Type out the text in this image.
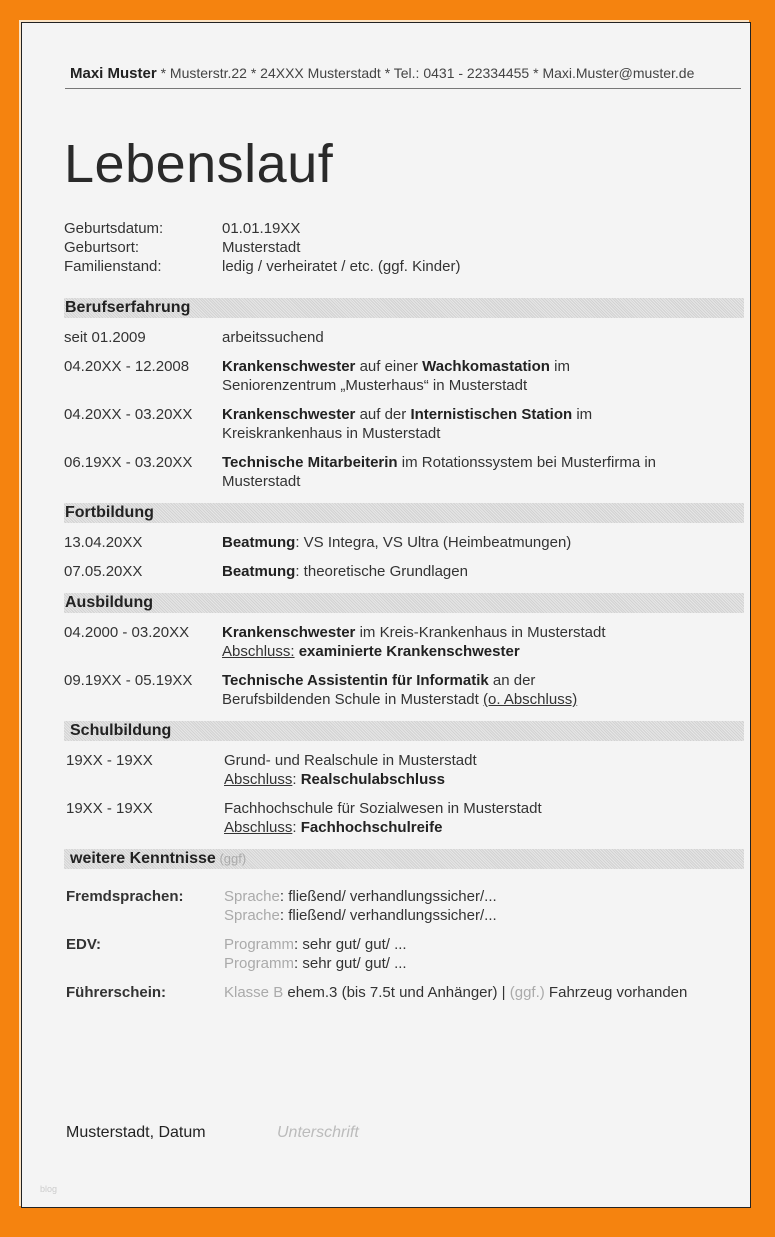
Maxi Muster * Musterstr.22 * 24XXX Musterstadt * Tel.: 0431 - 22334455 * Maxi.Muster@muster.de
Lebenslauf
Geburtsdatum:	01.01.19XX
Geburtsort:	Musterstadt
Familienstand:	ledig / verheiratet / etc. (ggf. Kinder)
Berufserfahrung
seit 01.2009	arbeitssuchend
04.20XX - 12.2008	Krankenschwester auf einer Wachkomastation im
Seniorenzentrum „Musterhaus“ in Musterstadt
04.20XX - 03.20XX	Krankenschwester auf der Internistischen Station im
Kreiskrankenhaus in Musterstadt
06.19XX - 03.20XX	Technische Mitarbeiterin im Rotationssystem bei Musterfirma in
Musterstadt
Fortbildung
13.04.20XX	Beatmung: VS Integra, VS Ultra (Heimbeatmungen)
07.05.20XX	Beatmung: theoretische Grundlagen
Ausbildung
04.2000 - 03.20XX	Krankenschwester im Kreis-Krankenhaus in Musterstadt
Abschluss: examinierte Krankenschwester
09.19XX - 05.19XX	Technische Assistentin für Informatik an der
Berufsbildenden Schule in Musterstadt (o. Abschluss)
Schulbildung
19XX - 19XX	Grund- und Realschule in Musterstadt
Abschluss: Realschulabschluss
19XX - 19XX	Fachhochschule für Sozialwesen in Musterstadt
Abschluss: Fachhochschulreife
weitere Kenntnisse (ggf)
Fremdsprachen:	Sprache: fließend/ verhandlungssicher/...
Sprache: fließend/ verhandlungssicher/...
EDV:	Programm: sehr gut/ gut/ ...
Programm: sehr gut/ gut/ ...
Führerschein:	Klasse B ehem.3 (bis 7.5t und Anhänger) | (ggf.) Fahrzeug vorhanden
Musterstadt, Datum	Unterschrift
blog
